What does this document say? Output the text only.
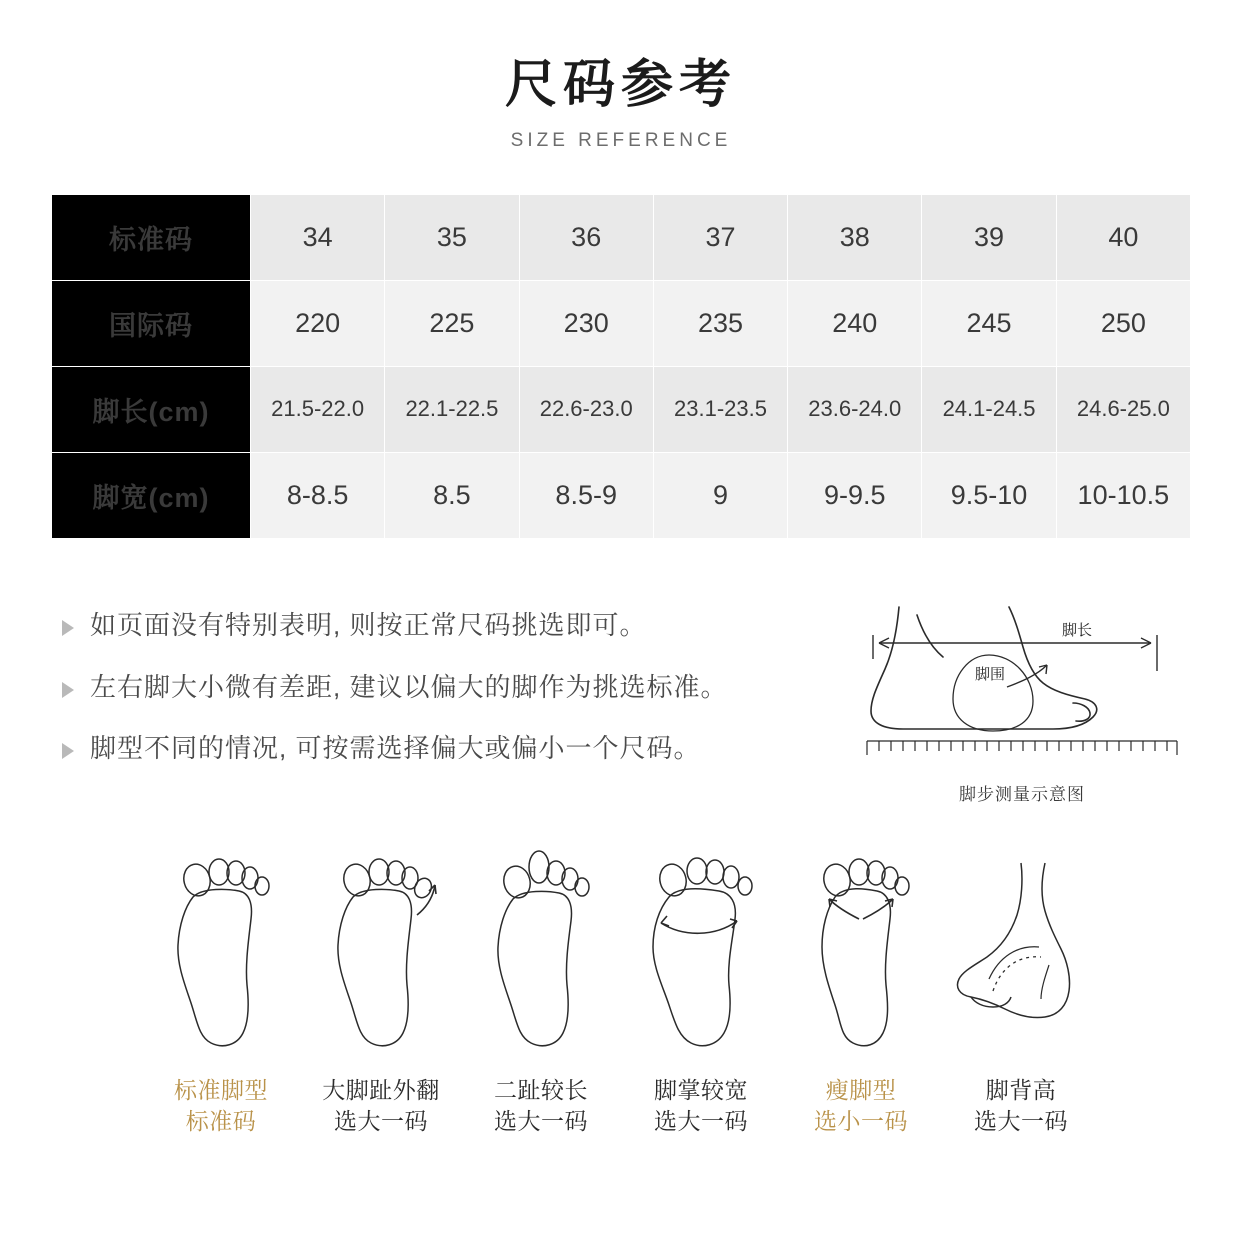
尺码参考
SIZE REFERENCE
标准码	34	35	36	37	38	39	40
国际码	220	225	230	235	240	245	250
脚长(cm)	21.5-22.0	22.1-22.5	22.6-23.0	23.1-23.5	23.6-24.0	24.1-24.5	24.6-25.0
脚宽(cm)	8-8.5	8.5	8.5-9	9	9-9.5	9.5-10	10-10.5
如页面没有特别表明, 则按正常尺码挑选即可。
左右脚大小微有差距, 建议以偏大的脚作为挑选标准。
脚型不同的情况, 可按需选择偏大或偏小一个尺码。
脚长
脚围
脚步测量示意图
标准脚型
标准码
大脚趾外翻
选大一码
二趾较长
选大一码
脚掌较宽
选大一码
瘦脚型
选小一码
脚背高
选大一码
